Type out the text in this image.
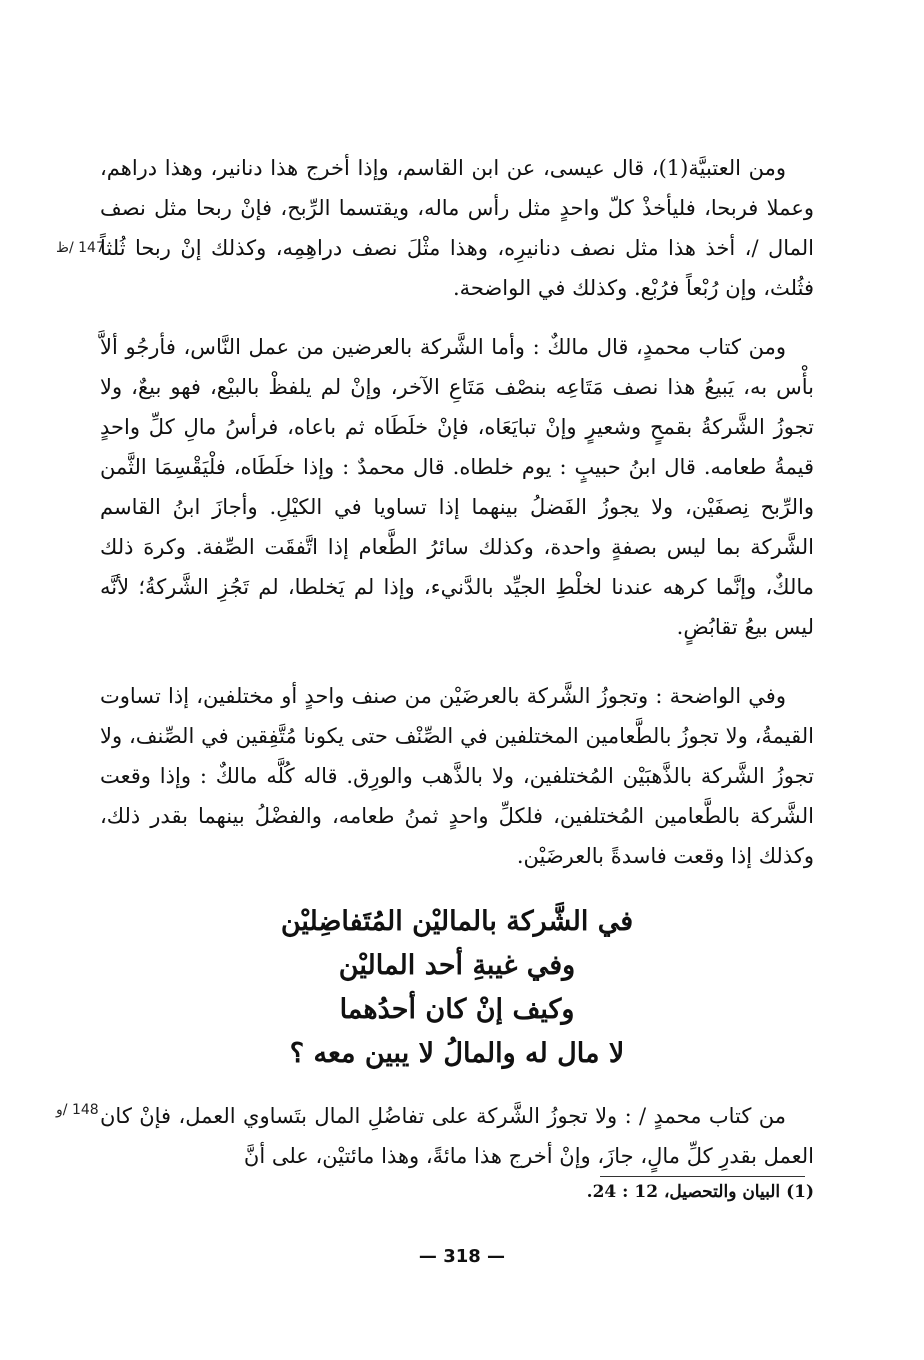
147 /ظ

ومن العتبيَّة(1)، قال عيسى، عن ابن القاسم، وإذا أخرج هذا دنانير، وهذا دراهم، وعملا فربحا، فليأخذْ كلّ واحدٍ مثل رأس ماله، ويقتسما الرِّبح، فإنْ ربحا مثل نصف المال /، أخذ هذا مثل نصف دنانيرِه، وهذا مثْلَ نصف دراهِمِه، وكذلك إنْ ربحا ثُلثاً فثُلث، وإن رُبْعاً فرُبْع. وكذلك في الواضحة.

ومن كتاب محمدٍ، قال مالكٌ : وأما الشَّركة بالعرضين من عمل النَّاس، فأرجُو ألاَّ بأْس به، يَبيعُ هذا نصف مَتَاعِه بنصْف مَتَاعِ الآخر، وإنْ لم يلفظْ بالبيْع، فهو بيعٌ، ولا تجوزُ الشَّركةُ بقمحٍ وشعيرٍ وإنْ تبايَعَاه، فإنْ خلَطَاه ثم باعاه، فرأسُ مالِ كلِّ واحدٍ قيمةُ طعامه. قال ابنُ حبيبٍ : يوم خلطاه. قال محمدٌ : وإذا خلَطَاه، فلْيَقْسِمَا الثَّمن والرِّبح نِصفَيْن، ولا يجوزُ الفَضلُ بينهما إذا تساويا في الكيْلِ. وأجازَ ابنُ القاسم الشَّركة بما ليس بصفةٍ واحدة، وكذلك سائرُ الطَّعام إذا اتَّفقَت الصِّفة. وكرهَ ذلك مالكٌ، وإنَّما كرهه عندنا لخلْطِ الجيِّد بالدَّنيء، وإذا لم يَخلطا، لم تَجُزِ الشَّركةُ؛ لأنَّه ليس بيعُ تقابُضٍ.

وفي الواضحة : وتجوزُ الشَّركة بالعرضَيْن من صنف واحدٍ أو مختلفين، إذا تساوت القيمةُ، ولا تجوزُ بالطَّعامين المختلفين في الصِّنْف حتى يكونا مُتَّفِقين في الصِّنف، ولا تجوزُ الشَّركة بالذَّهبَيْن المُختلفين، ولا بالذَّهب والورِق. قاله كُلَّه مالكٌ : وإذا وقعت الشَّركة بالطَّعامين المُختلفين، فلكلِّ واحدٍ ثمنُ طعامه، والفضْلُ بينهما بقدر ذلك، وكذلك إذا وقعت فاسدةً بالعرضَيْن.

في الشَّركة بالماليْن المُتَفاضِليْن
وفي غيبةِ أحد الماليْن
وكيف إنْ كان أحدُهما
لا مال له والمالُ لا يبين معه ؟
148 /و من كتاب محمدٍ / : ولا تجوزُ الشَّركة على تفاضُلِ المال بتَساوي العمل، فإنْ كان العمل بقدرِ كلِّ مالٍ، جازَ، وإنْ أخرج هذا مائةً، وهذا مائتيْن، على أنَّ

(1) البيان والتحصيل، 12 : 24.
— 318 —
